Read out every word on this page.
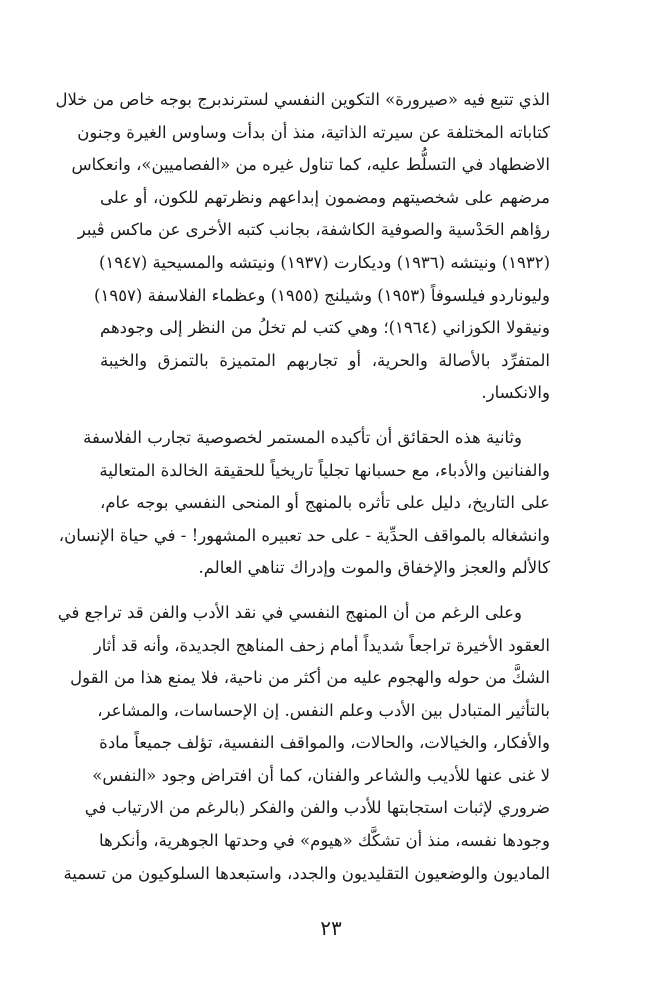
الذي تتبع فيه «صيرورة» التكوين النفسي لسترندبرج بوجه خاص من خلال
كتاباته المختلفة عن سيرته الذاتية، منذ أن بدأت وساوس الغيرة وجنون
الاضطهاد في التسلُّط عليه، كما تناول غيره من «الفصاميين»، وانعكاس
مرضهم على شخصيتهم ومضمون إبداعهم ونظرتهم للكون، أو على
رؤاهم الحَدْسية والصوفية الكاشفة، بجانب كتبه الأخرى عن ماكس ڤيبر
(١٩٣٢) ونيتشه (١٩٣٦) وديكارت (١٩٣٧) ونيتشه والمسيحية (١٩٤٧)
وليوناردو فيلسوفاً (١٩٥٣) وشيلنج (١٩٥٥) وعظماء الفلاسفة (١٩٥٧)
ونيقولا الكوزاني (١٩٦٤)؛ وهي كتب لم تخلُ من النظر إلى وجودهم
المتفرِّد بالأصالة والحرية، أو تجاربهم المتميزة بالتمزق والخيبة
والانكسار.
وثانية هذه الحقائق أن تأكيده المستمر لخصوصية تجارب الفلاسفة
والفنانين والأدباء، مع حسبانها تجلياً تاريخياً للحقيقة الخالدة المتعالية
على التاريخ، دليل على تأثره بالمنهج أو المنحى النفسي بوجه عام،
وانشغاله بالمواقف الحدِّية - على حد تعبيره المشهور! - في حياة الإنسان،
كالألم والعجز والإخفاق والموت وإدراك تناهي العالم.
وعلى الرغم من أن المنهج النفسي في نقد الأدب والفن قد تراجع في
العقود الأخيرة تراجعاً شديداً أمام زحف المناهج الجديدة، وأنه قد أثار
الشكَّ من حوله والهجوم عليه من أكثر من ناحية، فلا يمنع هذا من القول
بالتأثير المتبادل بين الأدب وعلم النفس. إن الإحساسات، والمشاعر،
والأفكار، والخيالات، والحالات، والمواقف النفسية، تؤلف جميعاً مادة
لا غنى عنها للأديب والشاعر والفنان، كما أن افتراض وجود «النفس»
ضروري لإثبات استجابتها للأدب والفن والفكر (بالرغم من الارتياب في
وجودها نفسه، منذ أن تشكَّك «هيوم» في وحدتها الجوهرية، وأنكرها
الماديون والوضعيون التقليديون والجدد، واستبعدها السلوكيون من تسمية
٢٣
